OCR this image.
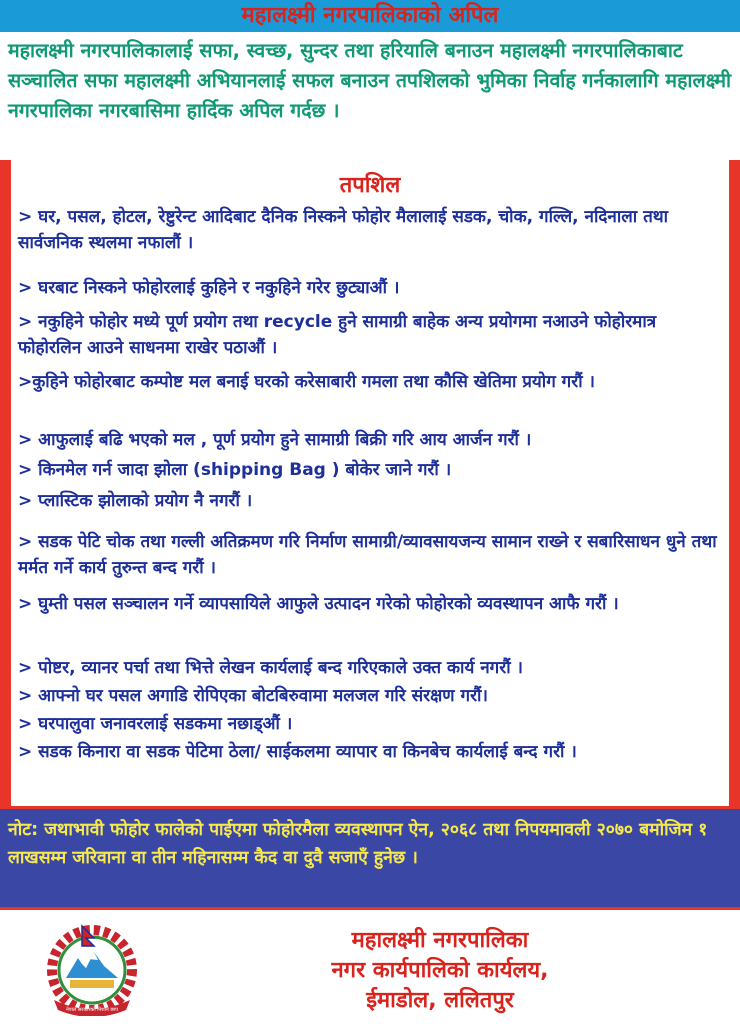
महालक्ष्मी नगरपालिकाको अपिल
महालक्ष्मी नगरपालिकालाई सफा, स्वच्छ, सुन्दर तथा हरियालि बनाउन महालक्ष्मी नगरपालिकाबाट सञ्चालित सफा महालक्ष्मी अभियानलाई सफल बनाउन तपशिलको भुमिका निर्वाह गर्नकालागि महालक्ष्मी नगरपालिका नगरबासिमा हार्दिक अपिल गर्दछ ।
तपशिल
> घर, पसल, होटल, रेष्टुरेन्ट आदिबाट दैनिक निस्कने फोहोर मैलालाई सडक, चोक, गल्लि, नदिनाला तथा सार्वजनिक स्थलमा नफालौं ।
> घरबाट निस्कने फोहोरलाई कुहिने र नकुहिने गरेर छुट्याऔं ।
> नकुहिने फोहोर मध्ये पूर्ण प्रयोग तथा recycle हुने सामाग्री बाहेक अन्य प्रयोगमा नआउने फोहोरमात्र फोहोरलिन आउने साधनमा राखेर पठाऔं ।
>कुहिने फोहोरबाट कम्पोष्ट मल बनाई घरको करेसाबारी गमला तथा कौसि खेतिमा प्रयोग गरौं ।
> आफुलाई बढि भएको मल , पूर्ण प्रयोग हुने सामाग्री बिक्री गरि आय आर्जन गरौं ।
> किनमेल गर्न जादा झोला (shipping Bag ) बोकेर जाने गरौं ।
> प्लास्टिक झोलाको प्रयोग नै नगरौं ।
> सडक पेटि चोक तथा गल्ली अतिक्रमण गरि निर्माण सामाग्री/व्यावसायजन्य सामान राख्ने र सबारिसाधन धुने तथा मर्मत गर्ने कार्य तुरुन्त बन्द गरौं ।
> घुम्ती पसल सञ्चालन गर्ने व्यापसायिले आफुले उत्पादन गरेको फोहोरको व्यवस्थापन आफै गरौं ।
> पोष्टर, व्यानर पर्चा तथा भित्ते लेखन कार्यलाई बन्द गरिएकाले उक्त कार्य नगरौं ।
> आफ्नो घर पसल अगाडि रोपिएका बोटबिरुवामा मलजल गरि संरक्षण गरौं।
> घरपालुवा जनावरलाई सडकमा नछाड्औं ।
> सडक किनारा वा सडक पेटिमा ठेला/ साईकलमा व्यापार वा किनबेच कार्यलाई बन्द गरौं ।
नोट: जथाभावी फोहोर फालेको पाईएमा फोहोरमैला व्यवस्थापन ऐन, २०६८ तथा निपयमावली २०७० बमोजिम १ लाखसम्म जरिवाना वा तीन महिनासम्म कैद वा दुवै सजाएँ हुनेछ ।
नेपाल सरकारको निशान छाप
महालक्ष्मी नगरपालिका
नगर कार्यपालिको कार्यलय,
ईमाडोल, ललितपुर
